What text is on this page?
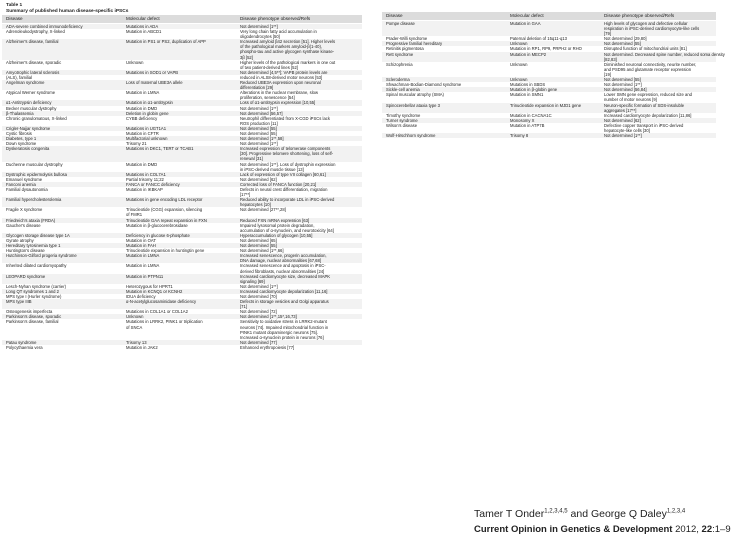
Table 1
Summary of published human disease-specific iPSCs
Disease	Molecular defect	Disease phenotype observed/Refs
ADA-severe combined immunodeficiency	Mutations in ADA	Not determined [1**]
Adrenoleukodystrophy, X-linked	Mutation in ABCD1	Very long chain fatty acid accumulation in
oligodendrocytes [50]
Alzheimer's disease, familial	Mutation in PS1 or PS2, duplication of APP	Increased amyloid β42 secretion [51]. Higher levels
of the pathological markers amyloid-β(1-40),
phospho-tau and active glycogen synthase kinase-
3β [52]
Alzheimer's disease, sporadic	Unknown	Higher levels of the pathological markers in one out
of two patient-derived lines [52]
Amyotrophic lateral sclerosis	Mutations in SOD1 or VAPB	Not determined [4,5**]; VAPB protein levels are
(ALS), familial	reduced in ALS8-derived motor neurons [53]
Angelman syndrome	Loss of maternal UBE3A allele	Reduced UBE3A expression upon neuronal
differentiation [29]
Atypical Werner syndrome	Mutation in LMNA	Alterations in the nuclear membrane, slow
proliferation, senescence [54]
α1-Antitrypsin deficiency	Mutation in α1-antitrypsin	Loss of α1-antitrypsin expression [10,55]
Becker muscular dystrophy	Mutation in DMD	Not determined [1**]
β-Thalassemia	Deletion in globin gene	Not determined [56,57]
Chronic granulomatous, X-linked	CYBB deficiency	Neutrophil differentiated from X-CGD iPSCs lack
ROS production [11]
Crigler-Najjar syndrome	Mutations in UGT1A1	Not determined [55]
Cystic fibrosis	Mutation in CFTR	Not determined [55]
Diabetes, type 1	Multifactorial unknown	Not determined [1**,58]
Down syndrome	Trisomy 21	Not determined [1**]
Dyskeratosis congenita	Mutations in DKC1, TERT or TCAB1	Increased expression of telomerase components
[30]. Progressive telomere shortening, loss of self-
renewal [31]
Duchenne muscular dystrophy	Mutation in DMD	Not determined [1**]. Loss of dystrophin expression
in iPSC-derived muscle tissue [13]
Dystrophic epidermolysis bullosa	Mutations in COL7A1	Lack of expression of type VII collagen [60,61]
Emanuel syndrome	Partial trisomy 11;22	Not determined [62]
Fanconi anemia	FANCA or FANCC deficiency	Corrected loss of FANCA function [20,21]
Familial dysautonomia	Mutation in IKBKAP	Defects in neural crest differentiation, migration
[17**]
Familial hypercholesterolemia	Mutations in gene encoding LDL receptor	Reduced ability to incorporate LDL in iPSC-derived
hepatocytes [10]
Fragile X syndrome	Trinucleotide (CGG) expansion, silencing	Not determined [27**,28]
of FMR1
Friedreich's ataxia (FRDA)	Trinucleotide GAA repeat expansion in FXN	Reduced FXN mRNA expression [63]
Gaucher's disease	Mutation in β-glucocerebrosidase	Impaired lysosomal protein degradation,
accumulation of α-synuclein, and neurotoxicity [64]
Glycogen storage disease type 1A	Deficiency in glucose 6-phosphate	Hyperaccumulation of glycogen [10,55]
Gyrate atrophy	Mutation in OAT	Not determined [65]
Hereditary tyrosinemia type 1	Mutation in FAH	Not determined [55]
Huntington's disease	Trinucleotide expansion in huntingtin gene	Not determined [1**,66]
Hutchinson-Gilford progeria syndrome	Mutation in LMNA	Increased senescence, progerin accumulation,
DNA damage, nuclear abnormalities [67,68]
Inherited dilated cardiomyopathy	Mutation in LMNA	Increased senescence and apoptosis in iPSC-
derived fibroblasts, nuclear abnormalities [24]
LEOPARD syndrome	Mutation in PTPN11	Increased cardiomyocyte size, decreased MAPK
signaling [69]
Lesch-Nyhan syndrome (carrier)	Heterozygous for HPRT1	Not determined [1**]
Long QT syndromes 1 and 2	Mutation in KCNQ1 or KCNH2	Increased cardiomyocyte depolarization [11,16]
MPS type I (Hurler syndrome)	IDUA deficiency	Not determined [70]
MPS type IIIB	α-N-acetylglucosaminidase deficiency	Defects in storage vesicles and Golgi apparatus
[71]
Osteogenesis imperfecta	Mutations in COL1A1 or COL1A2	Not determined [72]
Parkinson's disease, sporadic	Unknown	Not determined [1**,15*,16,73]
Parkinson's disease, familial	Mutations in LRRK2, PINK1 or triplication	Sensitivity to oxidative stress in LRRK2-mutant
of SNCA	neurons [74]. Impaired mitochondrial function in
PINK1 mutant dopaminergic neurons [75].
Increased α-synuclein protein in neurons [76]
Patau syndrome	Trisomy 13	Not determined [77]
Polycythaemia vera	Mutation in JAK2	Enhanced erythropoiesis [77]
Disease	Molecular defect	Disease phenotype observed/Refs
Pompe disease	Mutation in GAA	High levels of glycogen and defective cellular
respiration in iPSC-derived cardiomyocyte-like cells
[79]
Prader-Willi syndrome	Paternal deletion of 15q11-q13	Not determined [29,80]
Progressive familial hereditary	Unknown	Not determined [55]
Retinitis pigmentosa	Mutation in RP1, RP9, PRPH2 or RHO	Disrupted function of mitochondrial units [81]
Rett syndrome	Mutation in MECP2	Not determined. Decreased spine number, reduced soma density
[82,83]
Schizophrenia	Unknown	Diminished neuronal connectivity, neurite number,
and PSD95 and glutamate receptor expression
[19]
Scleroderma	Unknown	Not determined [55]
Shwachman-Bodian-Diamond syndrome	Mutations in SBDS	Not determined [1**]
Sickle-cell anemia	Mutation in β-globin gene	Not determined [56,84]
Spinal muscular atrophy (SMA)	Mutation in SMN1	Lower SMN gene expression, reduced size and
number of motor neurons [9]
Spinocerebellar ataxia type 3	Trinucleotide expansion in MJD1 gene	Neuron-specific formation of SDS-insoluble
aggregates [17**]
Timothy syndrome	Mutation in CACNA1C	Increased cardiomyocyte depolarization [11,86]
Turner syndrome	Monosomy X	Not determined [62]
Wilson's disease	Mutation in ATP7B	Defective copper transport in iPSC-derived
hepatocyte-like cells [30]
Wolf-Hirschhorn syndrome	Trisomy 8	Not determined [1**]
Tamer T Onder$^{1,2,3,4,5}$ and George Q Daley$^{1,2,3,4}$
Current Opinion in Genetics & Development 2012, 22:1–9
